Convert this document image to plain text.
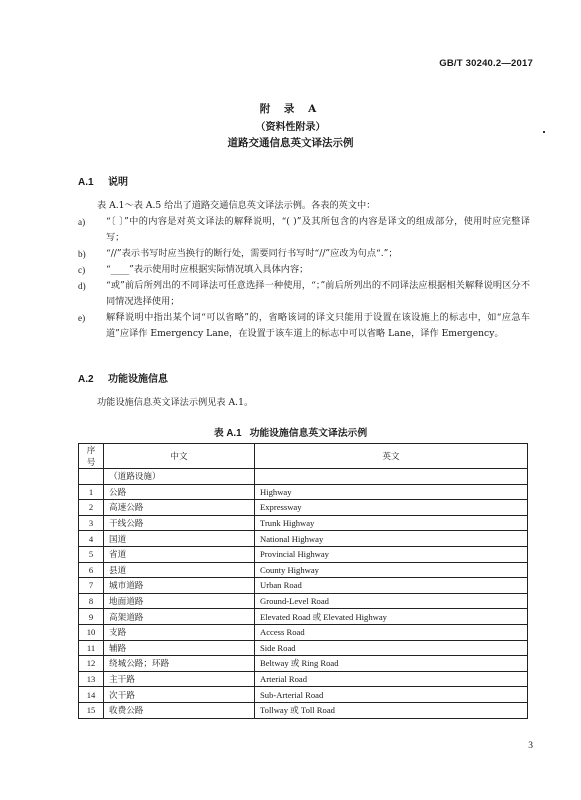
GB/T 30240.2—2017
附 录 A
（资料性附录）
道路交通信息英文译法示例
A.1 说明
表 A.1～表 A.5 给出了道路交通信息英文译法示例。各表的英文中：
a) “〔 〕”中的内容是对英文译法的解释说明，“( )”及其所包含的内容是译文的组成部分，使用时应完整译写；
b) “//”表示书写时应当换行的断行处，需要同行书写时“//”应改为句点“.”；
c) “____”表示使用时应根据实际情况填入具体内容；
d) “或”前后所列出的不同译法可任意选择一种使用，“；”前后所列出的不同译法应根据相关解释说明区分不同情况选择使用；
e) 解释说明中指出某个词“可以省略”的，省略该词的译文只能用于设置在该设施上的标志中，如“应急车道”应译作 Emergency Lane，在设置于该车道上的标志中可以省略 Lane，译作 Emergency。
A.2 功能设施信息
功能设施信息英文译法示例见表 A.1。
表 A.1 功能设施信息英文译法示例
序号	中文	英文
	（道路设施）	
1	公路	Highway
2	高速公路	Expressway
3	干线公路	Trunk Highway
4	国道	National Highway
5	省道	Provincial Highway
6	县道	County Highway
7	城市道路	Urban Road
8	地面道路	Ground-Level Road
9	高架道路	Elevated Road 或 Elevated Highway
10	支路	Access Road
11	辅路	Side Road
12	绕城公路；环路	Beltway 或 Ring Road
13	主干路	Arterial Road
14	次干路	Sub-Arterial Road
15	收费公路	Tollway 或 Toll Road
3
